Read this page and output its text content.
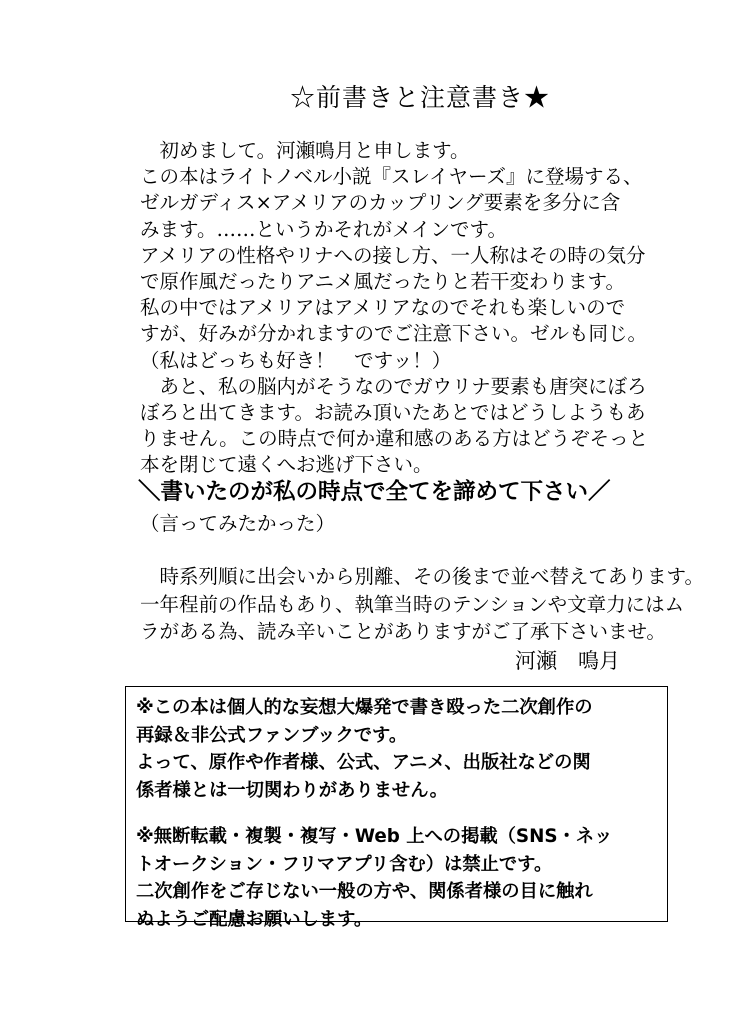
☆前書きと注意書き★
　初めまして。河瀬鳴月と申します。
この本はライトノベル小説『スレイヤーズ』に登場する、
ゼルガディス×アメリアのカップリング要素を多分に含
みます。……というかそれがメインです。
アメリアの性格やリナへの接し方、一人称はその時の気分
で原作風だったりアニメ風だったりと若干変わります。
私の中ではアメリアはアメリアなのでそれも楽しいので
すが、好みが分かれますのでご注意下さい。ゼルも同じ。
（私はどっちも好き！　ですッ！）
　あと、私の脳内がそうなのでガウリナ要素も唐突にぼろ
ぼろと出てきます。お読み頂いたあとではどうしようもあ
りません。この時点で何か違和感のある方はどうぞそっと
本を閉じて遠くへお逃げ下さい。
＼書いたのが私の時点で全てを諦めて下さい／
（言ってみたかった）
　時系列順に出会いから別離、その後まで並べ替えてあります。
一年程前の作品もあり、執筆当時のテンションや文章力にはム
ラがある為、読み辛いことがありますがご了承下さいませ。
河瀬　鳴月
※この本は個人的な妄想大爆発で書き殴った二次創作の
再録＆非公式ファンブックです。
よって、原作や作者様、公式、アニメ、出版社などの関
係者様とは一切関わりがありません。
※無断転載・複製・複写・Web 上への掲載（SNS・ネッ
トオークション・フリマアプリ含む）は禁止です。
二次創作をご存じない一般の方や、関係者様の目に触れ
ぬようご配慮お願いします。
